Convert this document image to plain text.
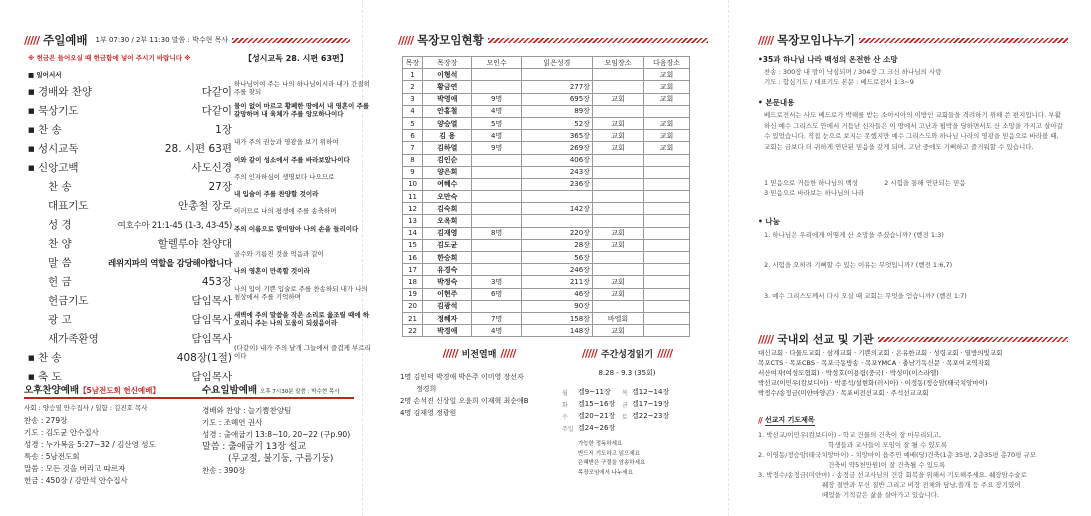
///// 주일예배 1부 07:30 / 2부 11:30 말씀 : 박수현 목사
※ 헌금은 들어오실 때 헌금함에 넣어 주시기 바랍니다 ※	【성시교독 28. 시편 63편】
■ 일어서서
■ 경배와 찬양	다같이
■ 묵상기도	다같이
■ 찬 송	1장
■ 성시교독	28. 시편 63편
■ 신앙고백	사도신경
찬 송	27장
대표기도	안총철 장로
성 경	여호수아 21:1-45 (1-3, 43-45)
찬 양	할렐루야 찬양대
말 씀	레위지파의 역할을 감당해야합니다
헌 금	453장
헌금기도	담임목사
광 고	담임목사
새가족환영	담임목사
■ 찬 송	408장(1절)
■ 축 도	담임목사
하나님이여 주는 나의 하나님이시라 내가 간절히 주를 찾되
물이 없어 마르고 황폐한 땅에서 내 영혼이 주를 갈망하며 내 육체가 주를 앙모하나이다
내가 주의 권능과 영광을 보기 위하여
이와 같이 성소에서 주를 바라보았나이다
주의 인자하심이 생명보다 나으므로
내 입술이 주를 찬양할 것이라
이러므로 나의 평생에 주를 송축하며
주의 이름으로 말미암아 나의 손을 들리이다
골수와 기름진 것을 먹음과 같이
나의 영혼이 만족할 것이라
나의 입이 기쁜 입술로 주를 찬송하되 내가 나의 침상에서 주를 기억하며
새벽에 주의 말씀을 작은 소리로 읊조릴 때에 하오리니 주는 나의 도움이 되셨음이라
(다같이) 내가 주의 날개 그늘에서 즐겁게 부르리이다
오후찬양예배【5남전도회 헌신예배】
사회 : 양승열 안수집사 / 일함 : 김진호 목사
찬송 : 279장
기도 : 김도균 안수집사
성경 : 누가복음 5:27~32 / 김산영 성도
특송 : 5남전도회
말씀 : 모든 것을 버리고 따르자
헌금 : 450장 / 강만석 안수집사
수요일밤예배 오후 7시30분 말씀 : 박수현 목사
경배와 찬양 : 늘기쁨찬양팀
기도 : 조혜연 권사
성경 : 출애굽기 13:8~10, 20~22 (구p.90)
말씀 : 출애굽기 13장 설교
(무교절, 불기둥, 구름기둥)
찬송 : 390장
///// 목장모임현황
목장	목장장	모인수	읽은성경	모임장소	다음장소
1	이형석				교회
2	황금연		277장		교회
3	박영애	9명	695장	교회	교회
4	안홍철	4명	89장		
5	양승열	5명	52장	교회	교회
6	김 용	4명	365장	교회	교회
7	김하열	9명	269장	교회	교회
8	김인순		406장		
9	양은희		243장		
10	여혜수		236장		
11	오만숙				
12	김숙희		142장		
13	오옥희				
14	김재영	8명	220장	교회	
15	김도균		28장	교회	
16	한승희		56장		
17	유경숙		246장		
18	박정숙	3명	211장	교회	
19	이현주	6명	46장	교회	
20	김광석		90장		
21	정혜자	7명	158장	바엘회	
22	박경애	4명	148장	교회	
///// 비전열매 /////
1명 김인덕 박경애 박은주 이미영 장선자
정경희
2명 손석진 신상일 오윤희 이재혁 최순애B
4명 김재영 정광원
///// 주간성경읽기 /////
8.28 - 9.3 (35회)
월	겔9~11장	목 겔12~14장
화	겔15~16장	금 겔17~19장
수	겔20~21장	토 겔22~23장
주일 겔24~26장
가능한 정독하세요
반드시 기도하고 읽으세요
은혜받은 구절을 암송하세요
목장모임에서 나누세요
///// 목장모임나누기
•35과 하나님 나라 백성의 온전한 산 소망
찬송 : 300장 내 맘이 낙심되며 / 304장 그 크신 하나님의 사랑
기도 : 합심기도 / 대표기도 본문 : 베드로전서 1:3~9
• 본문내용
베드로전서는 사도 베드로가 박해를 받는 소아시아의 이방인 교회들을 격려하기 위해 쓴 편지입니다. 부활하신 예수 그리스도 안에서 거듭난 신자들은 이 땅에서 고난과 핍박을 당하면서도 산 소망을 가지고 살아갈 수 있었습니다. 직접 눈으로 보지는 못했지만 예수 그리스도와 하나님 나라의 영광을 믿음으로 바라볼 때, 교회는 금보다 더 귀하게 연단된 믿음을 갖게 되며, 고난 중에도 기뻐하고 즐거워할 수 있습니다.
1 믿음으로 거듭한 하나님의 백성	2 시험을 통해 연단되는 믿음
3 믿음으로 바라보는 하나님의 나라
• 나눔
1. 하나님은 우리에게 어떻게 산 소망을 주셨습니까? (벧전 1:3)
2. 시험을 오히려 기뻐할 수 있는 이유는 무엇입니까? (벧전 1:6,7)
3. 예수 그리스도께서 다시 오실 때 교회는 무엇을 얻습니까? (벧전 1:7)
///// 국내외 선교 및 기관
대신교회 · 다물도교회 · 삼계교회 · 기쁜의교회 · 은유한교회 · 성령교회 · 열방의빛교회
목포CTS · 목포CBS · 목포극동방송 · 목포YMCA · 충남기독신문 · 목포여교역자회
서산여자(여성도협회) · 박성호(이용림(중국) · 박성미(이스라엘)
박선교(이민우(캄보디아) · 박종석/설현화(러시아) · 이정동(정승암(태국치앙마이)
박정수/송정금(미얀마양곤) · 목포비전선교회 · 주석선교교회
// 선교지 기도제목
1. 박선교/이민우(캄보디아) - 학교 건물의 건축이 잘 마무리되고,
학생들과 교사들이 모임이 잘 될 수 있도록
2. 이영동/정승암(태국치앙마이) - 치앙마이 읍주민 예배(당)건축(1층 35평, 2층35평 총70평 규모
건축비 약5천만원)이 잘 건축될 수 있도록
3. 박정수/송정금(미얀마) - 송정금 선교사님의 건강 회복을 위해서 기도해주세요. 췌장암수술로
췌장 절반과 무신 절반 그리고 비장 전체와 담낭,쓸개 등 주요 장기였어
떼었을 기적같은 삶을 살아가고 있습니다.
